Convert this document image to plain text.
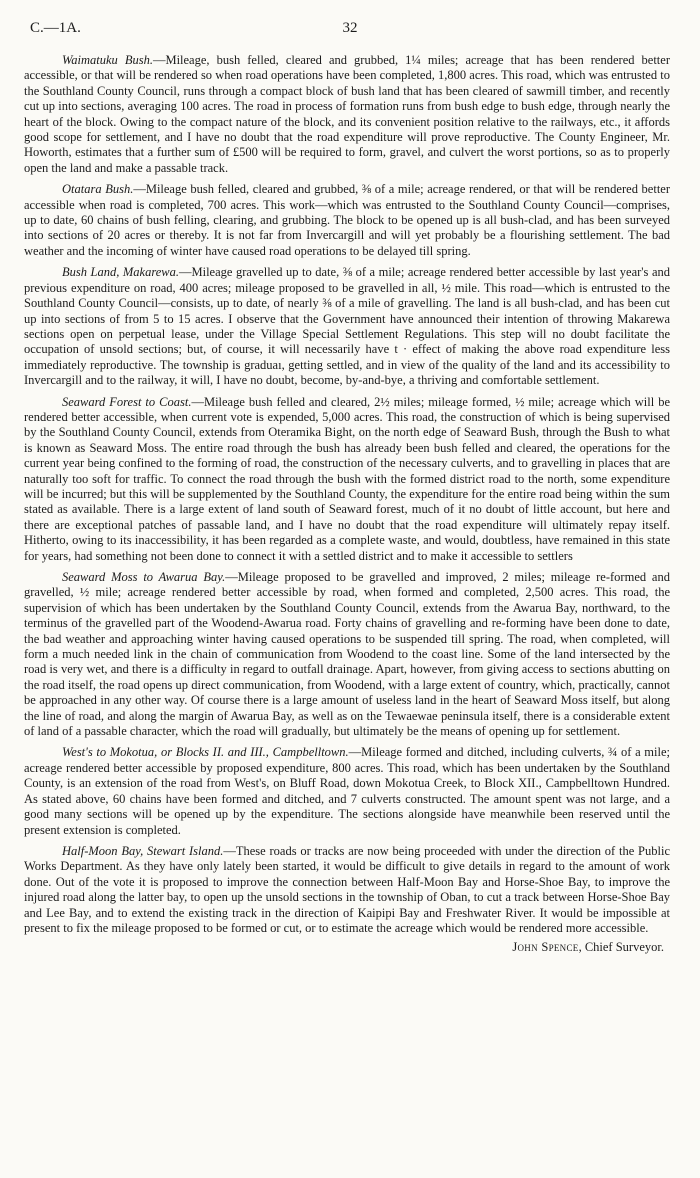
C.—1A.	32

Waimatuku Bush.—Mileage, bush felled, cleared and grubbed, 1¼ miles; acreage that has been rendered better accessible, or that will be rendered so when road operations have been completed, 1,800 acres. This road, which was entrusted to the Southland County Council, runs through a compact block of bush land that has been cleared of sawmill timber, and recently cut up into sections, averaging 100 acres. The road in process of formation runs from bush edge to bush edge, through nearly the heart of the block. Owing to the compact nature of the block, and its convenient position relative to the railways, etc., it affords good scope for settlement, and I have no doubt that the road expenditure will prove reproductive. The County Engineer, Mr. Howorth, estimates that a further sum of £500 will be required to form, gravel, and culvert the worst portions, so as to properly open the land and make a passable track.

Otatara Bush.—Mileage bush felled, cleared and grubbed, ⅜ of a mile; acreage rendered, or that will be rendered better accessible when road is completed, 700 acres. This work—which was entrusted to the Southland County Council—comprises, up to date, 60 chains of bush felling, clearing, and grubbing. The block to be opened up is all bush-clad, and has been surveyed into sections of 20 acres or thereby. It is not far from Invercargill and will yet probably be a flourishing settlement. The bad weather and the incoming of winter have caused road operations to be delayed till spring.

Bush Land, Makarewa.—Mileage gravelled up to date, ⅜ of a mile; acreage rendered better accessible by last year's and previous expenditure on road, 400 acres; mileage proposed to be gravelled in all, ½ mile. This road—which is entrusted to the Southland County Council—consists, up to date, of nearly ⅜ of a mile of gravelling. The land is all bush-clad, and has been cut up into sections of from 5 to 15 acres. I observe that the Government have announced their intention of throwing Makarewa sections open on perpetual lease, under the Village Special Settlement Regulations. This step will no doubt facilitate the occupation of unsold sections; but, of course, it will necessarily have t · effect of making the above road expenditure less immediately reproductive. The township is graduaı, getting settled, and in view of the quality of the land and its accessibility to Invercargill and to the railway, it will, I have no doubt, become, by-and-bye, a thriving and comfortable settlement.

Seaward Forest to Coast.—Mileage bush felled and cleared, 2½ miles; mileage formed, ½ mile; acreage which will be rendered better accessible, when current vote is expended, 5,000 acres. This road, the construction of which is being supervised by the Southland County Council, extends from Oteramika Bight, on the north edge of Seaward Bush, through the Bush to what is known as Seaward Moss. The entire road through the bush has already been bush felled and cleared, the operations for the current year being confined to the forming of road, the construction of the necessary culverts, and to gravelling in places that are naturally too soft for traffic. To connect the road through the bush with the formed district road to the north, some expenditure will be incurred; but this will be supplemented by the Southland County, the expenditure for the entire road being within the sum stated as available. There is a large extent of land south of Seaward forest, much of it no doubt of little account, but here and there are exceptional patches of passable land, and I have no doubt that the road expenditure will ultimately repay itself. Hitherto, owing to its inaccessibility, it has been regarded as a complete waste, and would, doubtless, have remained in this state for years, had something not been done to connect it with a settled district and to make it accessible to settlers

Seaward Moss to Awarua Bay.—Mileage proposed to be gravelled and improved, 2 miles; mileage re-formed and gravelled, ½ mile; acreage rendered better accessible by road, when formed and completed, 2,500 acres. This road, the supervision of which has been undertaken by the Southland County Council, extends from the Awarua Bay, northward, to the terminus of the gravelled part of the Woodend-Awarua road. Forty chains of gravelling and re-forming have been done to date, the bad weather and approaching winter having caused operations to be suspended till spring. The road, when completed, will form a much needed link in the chain of communication from Woodend to the coast line. Some of the land intersected by the road is very wet, and there is a difficulty in regard to outfall drainage. Apart, however, from giving access to sections abutting on the road itself, the road opens up direct communication, from Woodend, with a large extent of country, which, practically, cannot be approached in any other way. Of course there is a large amount of useless land in the heart of Seaward Moss itself, but along the line of road, and along the margin of Awarua Bay, as well as on the Tewaewae peninsula itself, there is a considerable extent of land of a passable character, which the road will gradually, but ultimately be the means of opening up for settlement.

West's to Mokotua, or Blocks II. and III., Campbelltown.—Mileage formed and ditched, including culverts, ¾ of a mile; acreage rendered better accessible by proposed expenditure, 800 acres. This road, which has been undertaken by the Southland County, is an extension of the road from West's, on Bluff Road, down Mokotua Creek, to Block XII., Campbelltown Hundred. As stated above, 60 chains have been formed and ditched, and 7 culverts constructed. The amount spent was not large, and a good many sections will be opened up by the expenditure. The sections alongside have meanwhile been reserved until the present extension is completed.

Half-Moon Bay, Stewart Island.—These roads or tracks are now being proceeded with under the direction of the Public Works Department. As they have only lately been started, it would be difficult to give details in regard to the amount of work done. Out of the vote it is proposed to improve the connection between Half-Moon Bay and Horse-Shoe Bay, to improve the injured road along the latter bay, to open up the unsold sections in the township of Oban, to cut a track between Horse-Shoe Bay and Lee Bay, and to extend the existing track in the direction of Kaipipi Bay and Freshwater River. It would be impossible at present to fix the mileage proposed to be formed or cut, or to estimate the acreage which would be rendered more accessible.

John Spence, Chief Surveyor.
